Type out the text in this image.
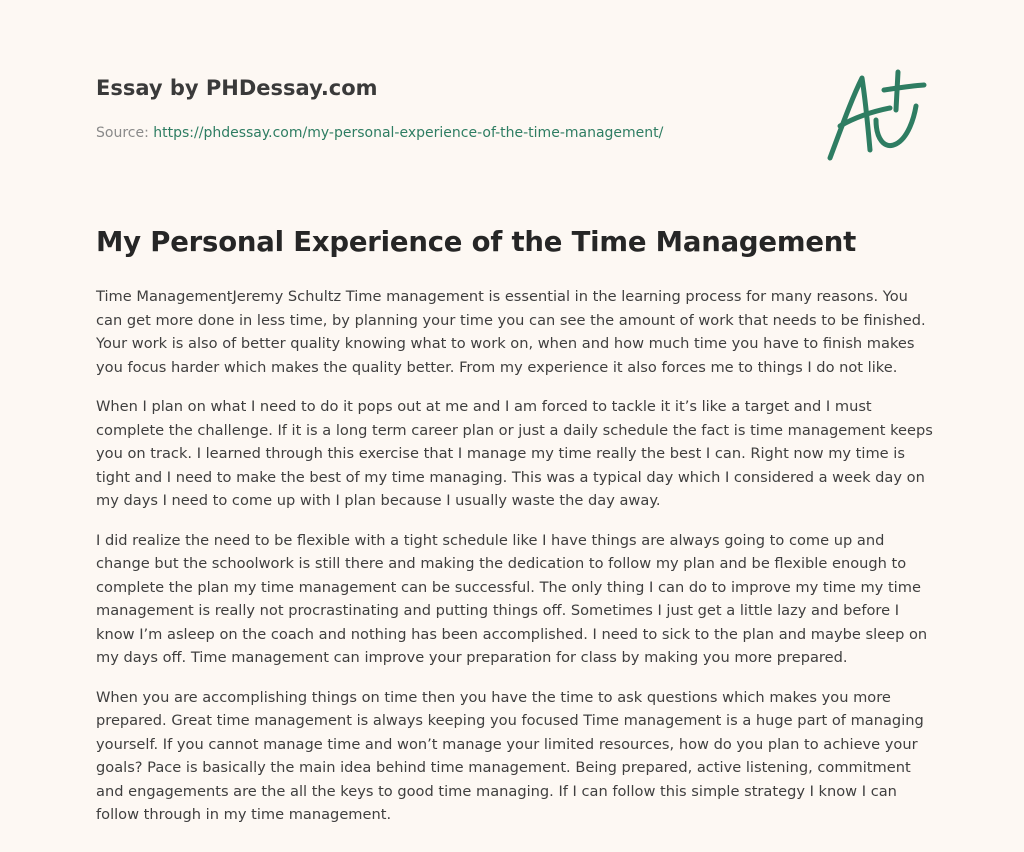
Essay by PHDessay.com
Source: https://phdessay.com/my-personal-experience-of-the-time-management/
My Personal Experience of the Time Management

Time ManagementJeremy Schultz Time management is essential in the learning process for many reasons. You can get more done in less time, by planning your time you can see the amount of work that needs to be finished. Your work is also of better quality knowing what to work on, when and how much time you have to finish makes you focus harder which makes the quality better. From my experience it also forces me to things I do not like.

When I plan on what I need to do it pops out at me and I am forced to tackle it it’s like a target and I must complete the challenge. If it is a long term career plan or just a daily schedule the fact is time management keeps you on track. I learned through this exercise that I manage my time really the best I can. Right now my time is tight and I need to make the best of my time managing. This was a typical day which I considered a week day on my days I need to come up with I plan because I usually waste the day away.

I did realize the need to be flexible with a tight schedule like I have things are always going to come up and change but the schoolwork is still there and making the dedication to follow my plan and be flexible enough to complete the plan my time management can be successful. The only thing I can do to improve my time my time management is really not procrastinating and putting things off. Sometimes I just get a little lazy and before I know I’m asleep on the coach and nothing has been accomplished. I need to sick to the plan and maybe sleep on my days off. Time management can improve your preparation for class by making you more prepared.

When you are accomplishing things on time then you have the time to ask questions which makes you more prepared. Great time management is always keeping you focused Time management is a huge part of managing yourself. If you cannot manage time and won’t manage your limited resources, how do you plan to achieve your goals? Pace is basically the main idea behind time management. Being prepared, active listening, commitment and engagements are the all the keys to good time managing. If I can follow this simple strategy I know I can follow through in my time management.
